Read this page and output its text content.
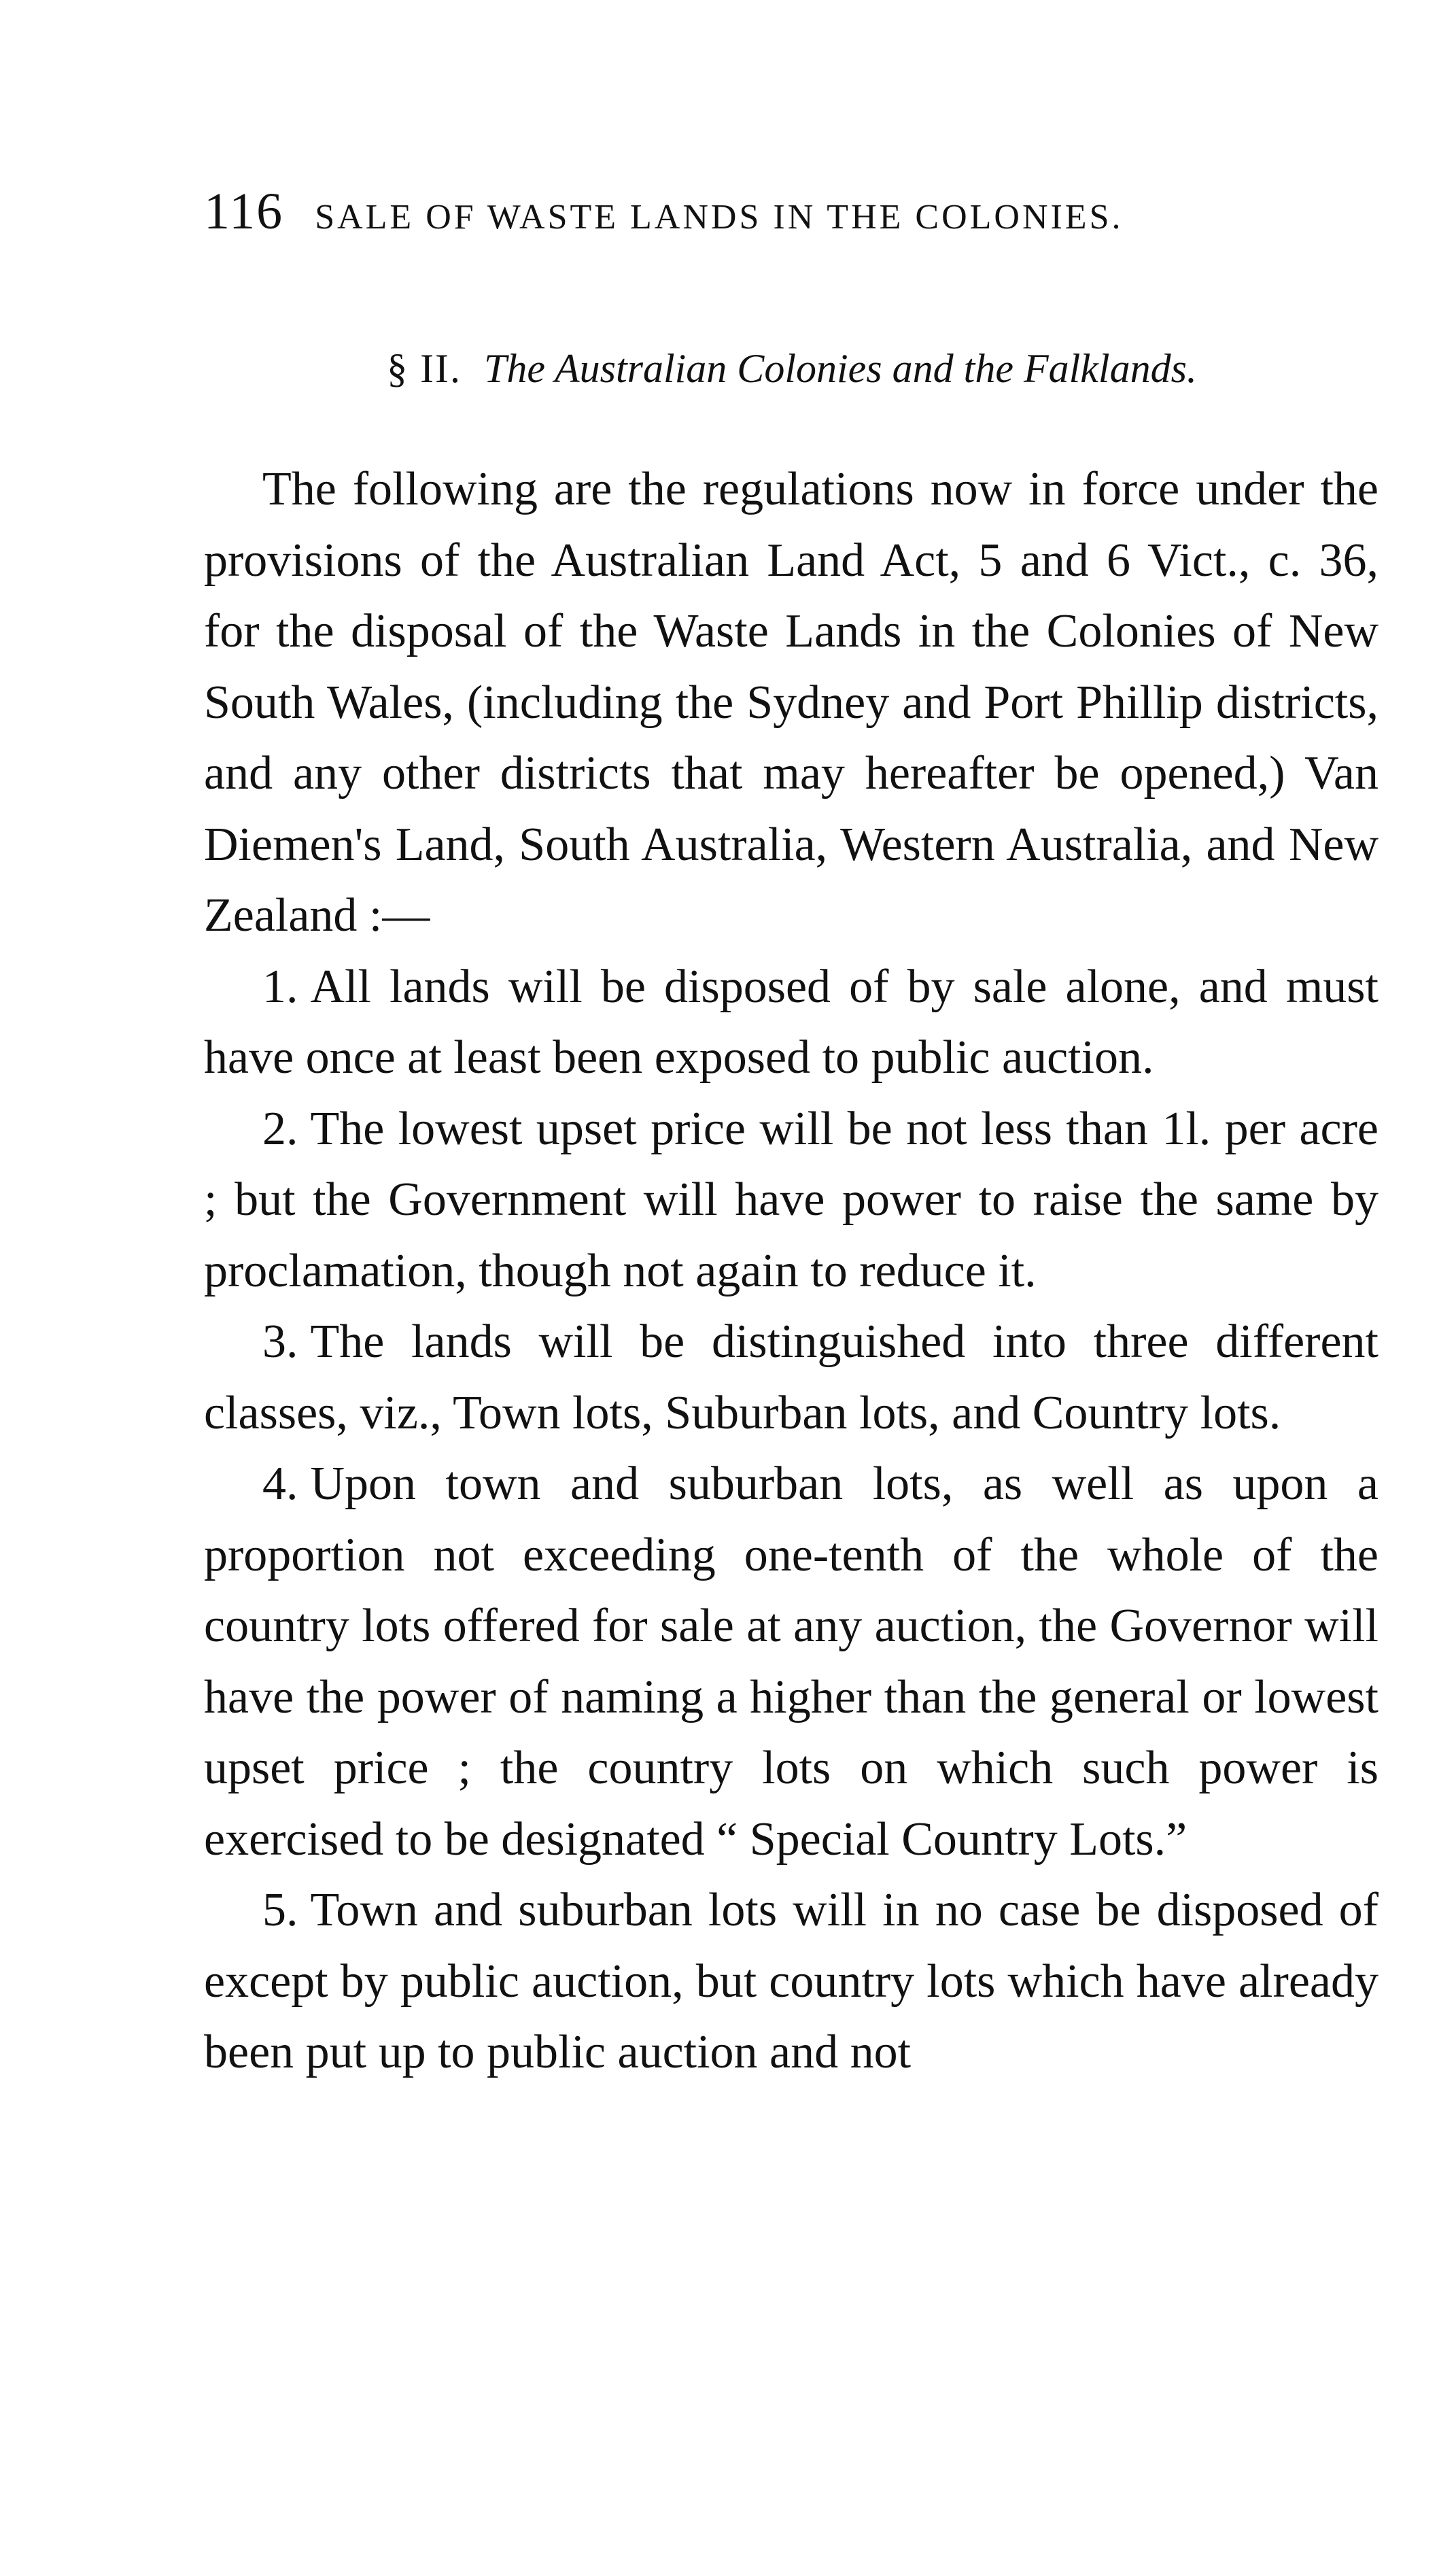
116 SALE OF WASTE LANDS IN THE COLONIES.
§ II. The Australian Colonies and the Falklands.

The following are the regulations now in force under the provisions of the Australian Land Act, 5 and 6 Vict., c. 36, for the disposal of the Waste Lands in the Colonies of New South Wales, (including the Sydney and Port Phillip districts, and any other districts that may hereafter be opened,) Van Diemen's Land, South Australia, Western Australia, and New Zealand :—

1. All lands will be disposed of by sale alone, and must have once at least been exposed to public auction.

2. The lowest upset price will be not less than 1l. per acre ; but the Government will have power to raise the same by proclamation, though not again to reduce it.

3. The lands will be distinguished into three different classes, viz., Town lots, Suburban lots, and Country lots.

4. Upon town and suburban lots, as well as upon a proportion not exceeding one-tenth of the whole of the country lots offered for sale at any auction, the Governor will have the power of naming a higher than the general or lowest upset price ; the country lots on which such power is exercised to be designated “ Special Country Lots.”

5. Town and suburban lots will in no case be disposed of except by public auction, but country lots which have already been put up to public auction and not
